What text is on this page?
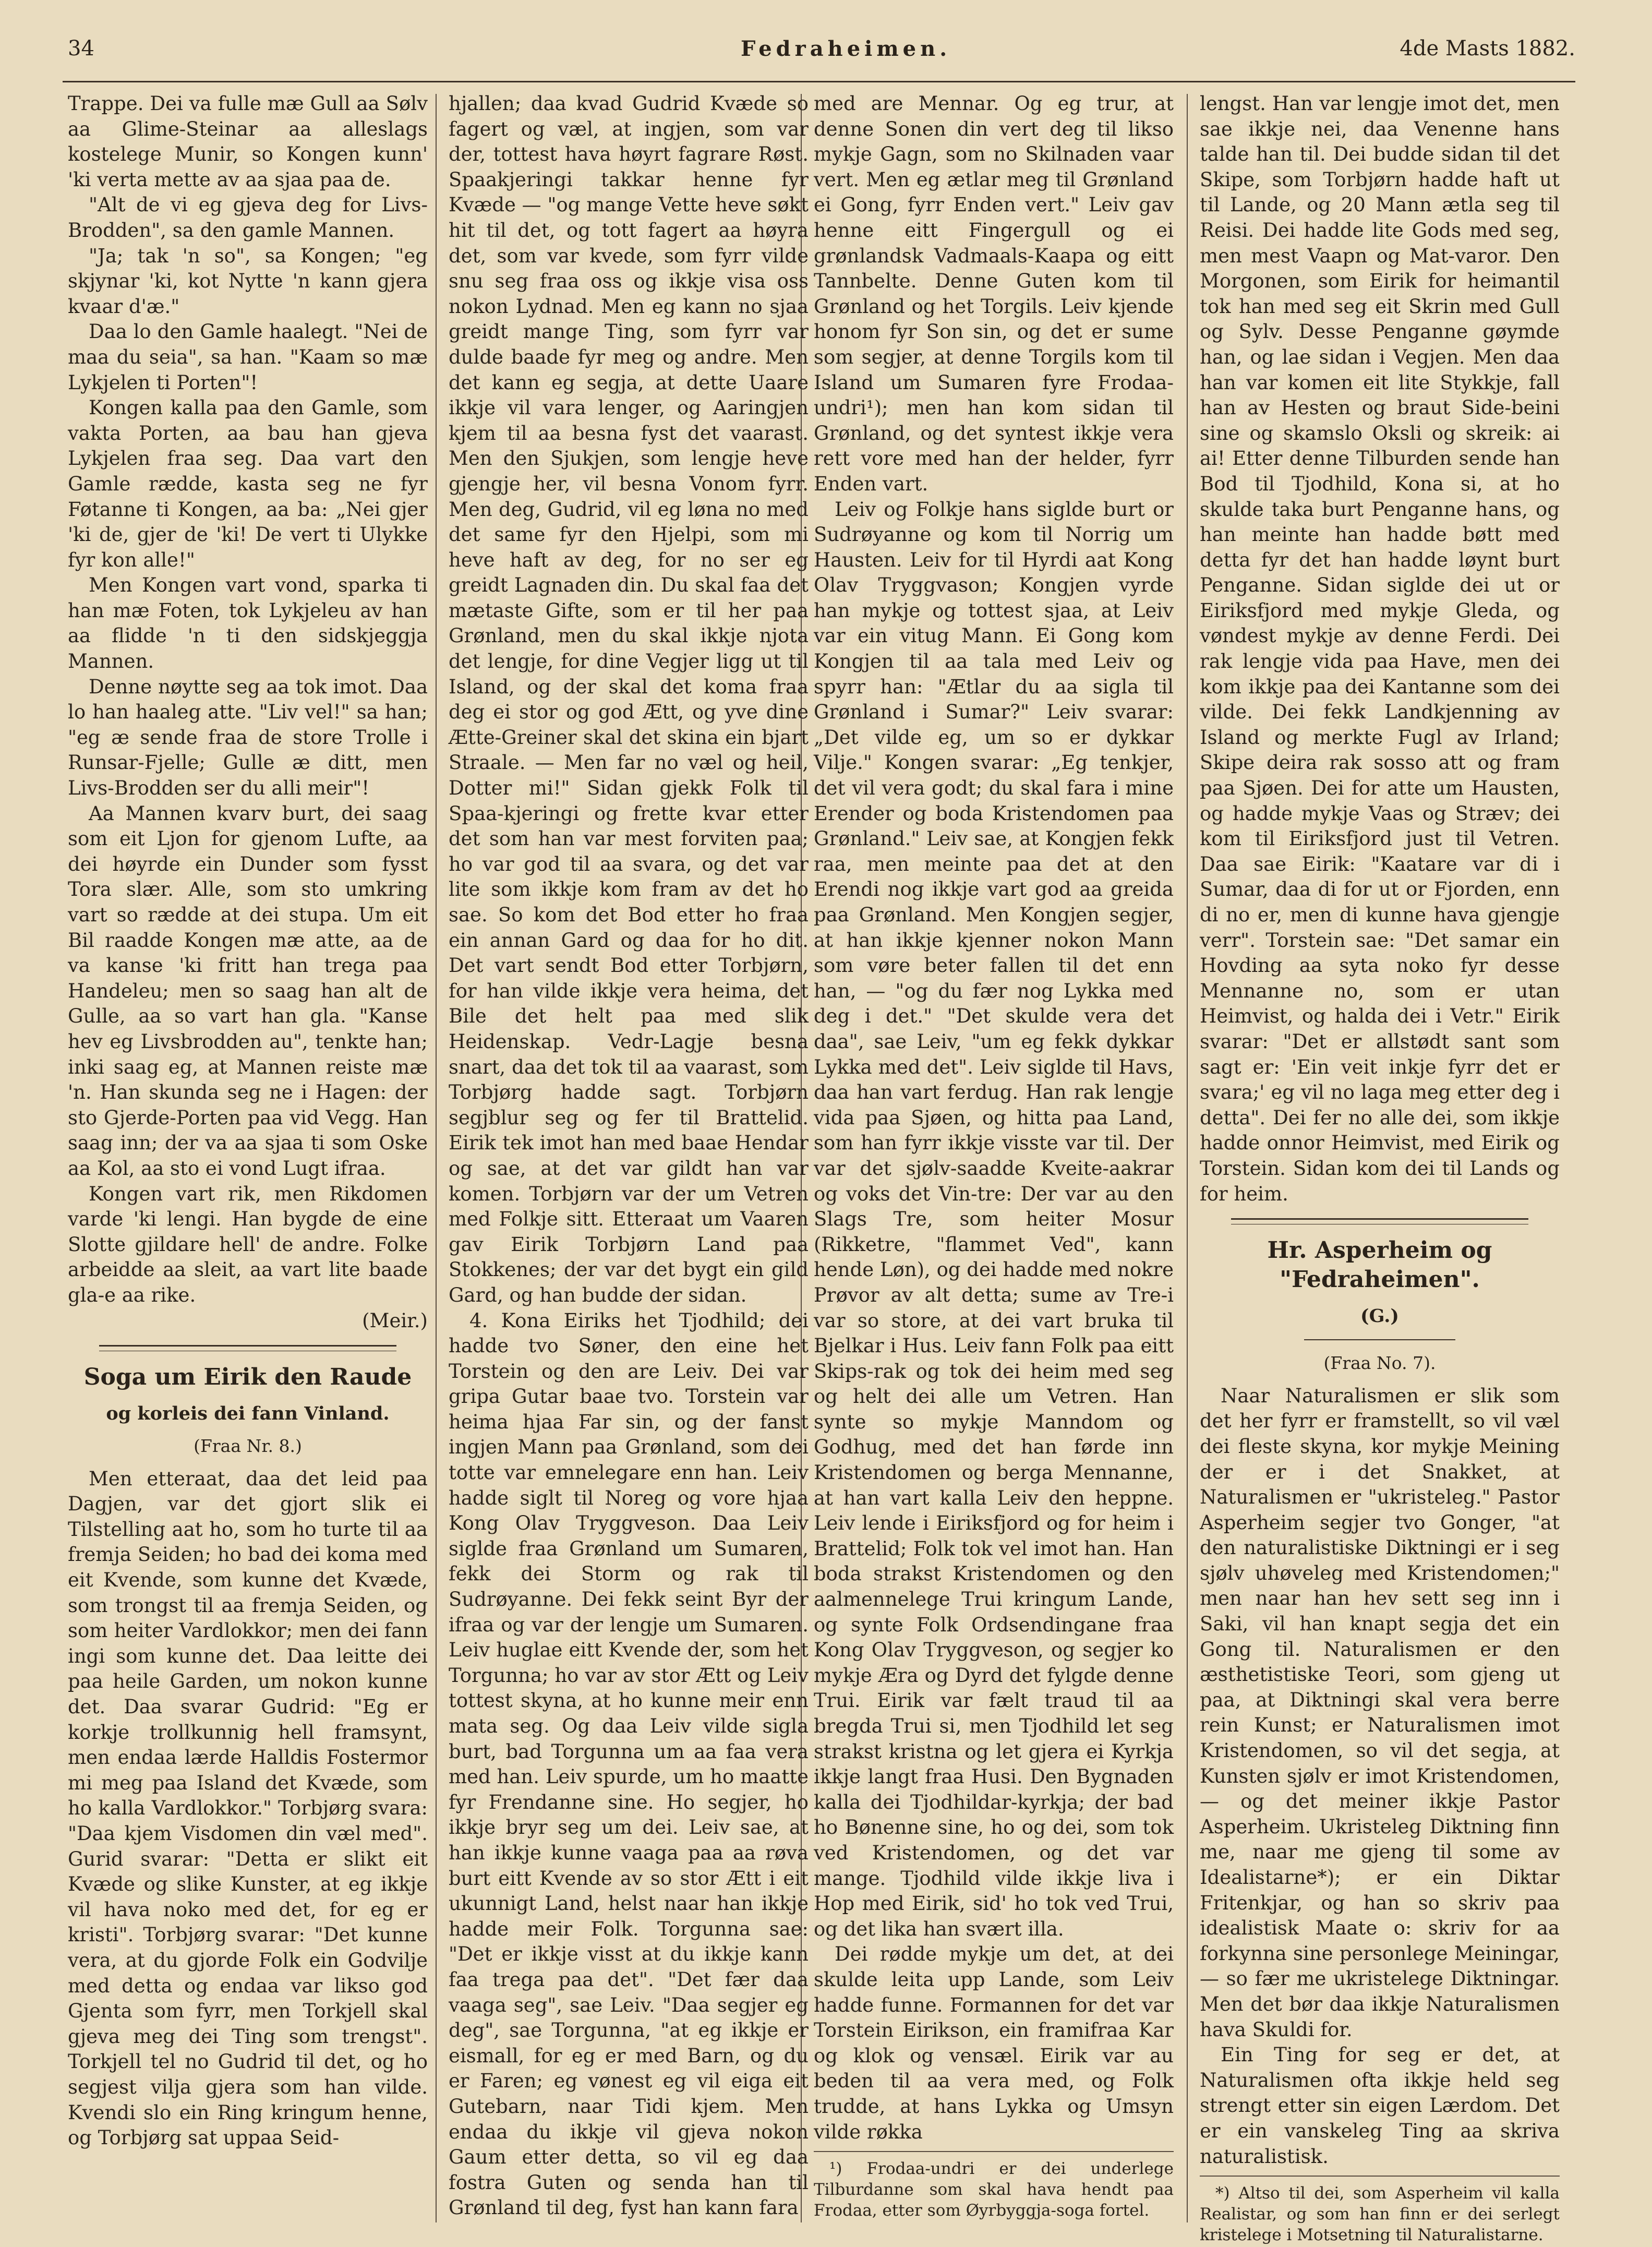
34	Fedraheimen.	4de Masts 1882.

Trappe. Dei va fulle mæ Gull aa Sølv aa Glime-Steinar aa alleslags kostelege Munir, so Kongen kunn' 'ki verta mette av aa sjaa paa de.

"Alt de vi eg gjeva deg for Livs-Brodden", sa den gamle Mannen.

"Ja; tak 'n so", sa Kongen; "eg skjynar 'ki, kot Nytte 'n kann gjera kvaar d'æ."

Daa lo den Gamle haalegt. "Nei de maa du seia", sa han. "Kaam so mæ Lykjelen ti Porten"!

Kongen kalla paa den Gamle, som vakta Porten, aa bau han gjeva Lykjelen fraa seg. Daa vart den Gamle rædde, kasta seg ne fyr Føtanne ti Kongen, aa ba: „Nei gjer 'ki de, gjer de 'ki! De vert ti Ulykke fyr kon alle!"

Men Kongen vart vond, sparka ti han mæ Foten, tok Lykjeleu av han aa flidde 'n ti den sidskjeggja Mannen.

Denne nøytte seg aa tok imot. Daa lo han haaleg atte. "Liv vel!" sa han; "eg æ sende fraa de store Trolle i Runsar-Fjelle; Gulle æ ditt, men Livs-Brodden ser du alli meir"!

Aa Mannen kvarv burt, dei saag som eit Ljon for gjenom Lufte, aa dei høyrde ein Dunder som fysst Tora slær. Alle, som sto umkring vart so rædde at dei stupa. Um eit Bil raadde Kongen mæ atte, aa de va kanse 'ki fritt han trega paa Handeleu; men so saag han alt de Gulle, aa so vart han gla. "Kanse hev eg Livsbrodden au", tenkte han; inki saag eg, at Mannen reiste mæ 'n. Han skunda seg ne i Hagen: der sto Gjerde-Porten paa vid Vegg. Han saag inn; der va aa sjaa ti som Oske aa Kol, aa sto ei vond Lugt ifraa.

Kongen vart rik, men Rikdomen varde 'ki lengi. Han bygde de eine Slotte gjildare hell' de andre. Folke arbeidde aa sleit, aa vart lite baade gla-e aa rike.

(Meir.)

Soga um Eirik den Raude
og korleis dei fann Vinland.
(Fraa Nr. 8.)

Men etteraat, daa det leid paa Dagjen, var det gjort slik ei Tilstelling aat ho, som ho turte til aa fremja Seiden; ho bad dei koma med eit Kvende, som kunne det Kvæde, som trongst til aa fremja Seiden, og som heiter Vardlokkor; men dei fann ingi som kunne det. Daa leitte dei paa heile Garden, um nokon kunne det. Daa svarar Gudrid: "Eg er korkje trollkunnig hell framsynt, men endaa lærde Halldis Fostermor mi meg paa Island det Kvæde, som ho kalla Vardlokkor." Torbjørg svara: "Daa kjem Visdomen din væl med". Gurid svarar: "Detta er slikt eit Kvæde og slike Kunster, at eg ikkje vil hava noko med det, for eg er kristi". Torbjørg svarar: "Det kunne vera, at du gjorde Folk ein Godvilje med detta og endaa var likso god Gjenta som fyrr, men Torkjell skal gjeva meg dei Ting som trengst". Torkjell tel no Gudrid til det, og ho segjest vilja gjera som han vilde. Kvendi slo ein Ring kringum henne, og Torbjørg sat uppaa Seid-

hjallen; daa kvad Gudrid Kvæde so fagert og væl, at ingjen, som var der, tottest hava høyrt fagrare Røst. Spaakjeringi takkar henne fyr Kvæde — "og mange Vette heve søkt hit til det, og tott fagert aa høyra det, som var kvede, som fyrr vilde snu seg fraa oss og ikkje visa oss nokon Lydnad. Men eg kann no sjaa greidt mange Ting, som fyrr var dulde baade fyr meg og andre. Men det kann eg segja, at dette Uaare ikkje vil vara lenger, og Aaringjen kjem til aa besna fyst det vaarast. Men den Sjukjen, som lengje heve gjengje her, vil besna Vonom fyrr. Men deg, Gudrid, vil eg løna no med det same fyr den Hjelpi, som mi heve haft av deg, for no ser eg greidt Lagnaden din. Du skal faa det mætaste Gifte, som er til her paa Grønland, men du skal ikkje njota det lengje, for dine Vegjer ligg ut til Island, og der skal det koma fraa deg ei stor og god Ætt, og yve dine Ætte-Greiner skal det skina ein bjart Straale. — Men far no væl og heil, Dotter mi!" Sidan gjekk Folk til Spaa-kjeringi og frette kvar etter det som han var mest forviten paa; ho var god til aa svara, og det var lite som ikkje kom fram av det ho sae. So kom det Bod etter ho fraa ein annan Gard og daa for ho dit. Det vart sendt Bod etter Torbjørn, for han vilde ikkje vera heima, det Bile det helt paa med slik Heidenskap. Vedr-Lagje besna snart, daa det tok til aa vaarast, som Torbjørg hadde sagt. Torbjørn segjblur seg og fer til Brattelid. Eirik tek imot han med baae Hendar og sae, at det var gildt han var komen. Torbjørn var der um Vetren med Folkje sitt. Etteraat um Vaaren gav Eirik Torbjørn Land paa Stokkenes; der var det bygt ein gild Gard, og han budde der sidan.

4. Kona Eiriks het Tjodhild; dei hadde tvo Søner, den eine het Torstein og den are Leiv. Dei var gripa Gutar baae tvo. Torstein var heima hjaa Far sin, og der fanst ingjen Mann paa Grønland, som dei totte var emnelegare enn han. Leiv hadde siglt til Noreg og vore hjaa Kong Olav Tryggveson. Daa Leiv siglde fraa Grønland um Sumaren, fekk dei Storm og rak til Sudrøyanne. Dei fekk seint Byr der ifraa og var der lengje um Sumaren. Leiv huglae eitt Kvende der, som het Torgunna; ho var av stor Ætt og Leiv tottest skyna, at ho kunne meir enn mata seg. Og daa Leiv vilde sigla burt, bad Torgunna um aa faa vera med han. Leiv spurde, um ho maatte fyr Frendanne sine. Ho segjer, ho ikkje bryr seg um dei. Leiv sae, at han ikkje kunne vaaga paa aa røva burt eitt Kvende av so stor Ætt i eit ukunnigt Land, helst naar han ikkje hadde meir Folk. Torgunna sae: "Det er ikkje visst at du ikkje kann faa trega paa det". "Det fær daa vaaga seg", sae Leiv. "Daa segjer eg deg", sae Torgunna, "at eg ikkje er eismall, for eg er med Barn, og du er Faren; eg vønest eg vil eiga eit Gutebarn, naar Tidi kjem. Men endaa du ikkje vil gjeva nokon Gaum etter detta, so vil eg daa fostra Guten og senda han til Grønland til deg, fyst han kann fara

med are Mennar. Og eg trur, at denne Sonen din vert deg til likso mykje Gagn, som no Skilnaden vaar vert. Men eg ætlar meg til Grønland ei Gong, fyrr Enden vert." Leiv gav henne eitt Fingergull og ei grønlandsk Vadmaals-Kaapa og eitt Tannbelte. Denne Guten kom til Grønland og het Torgils. Leiv kjende honom fyr Son sin, og det er sume som segjer, at denne Torgils kom til Island um Sumaren fyre Frodaa-undri¹); men han kom sidan til Grønland, og det syntest ikkje vera rett vore med han der helder, fyrr Enden vart.

Leiv og Folkje hans siglde burt or Sudrøyanne og kom til Norrig um Hausten. Leiv for til Hyrdi aat Kong Olav Tryggvason; Kongjen vyrde han mykje og tottest sjaa, at Leiv var ein vitug Mann. Ei Gong kom Kongjen til aa tala med Leiv og spyrr han: "Ætlar du aa sigla til Grønland i Sumar?" Leiv svarar: „Det vilde eg, um so er dykkar Vilje." Kongen svarar: „Eg tenkjer, det vil vera godt; du skal fara i mine Erender og boda Kristendomen paa Grønland." Leiv sae, at Kongjen fekk raa, men meinte paa det at den Erendi nog ikkje vart god aa greida paa Grønland. Men Kongjen segjer, at han ikkje kjenner nokon Mann som vøre beter fallen til det enn han, — "og du fær nog Lykka med deg i det." "Det skulde vera det daa", sae Leiv, "um eg fekk dykkar Lykka med det". Leiv siglde til Havs, daa han vart ferdug. Han rak lengje vida paa Sjøen, og hitta paa Land, som han fyrr ikkje visste var til. Der var det sjølv-saadde Kveite-aakrar og voks det Vin-tre: Der var au den Slags Tre, som heiter Mosur (Rikketre, "flammet Ved", kann hende Løn), og dei hadde med nokre Prøvor av alt detta; sume av Tre-i var so store, at dei vart bruka til Bjelkar i Hus. Leiv fann Folk paa eitt Skips-rak og tok dei heim med seg og helt dei alle um Vetren. Han synte so mykje Manndom og Godhug, med det han førde inn Kristendomen og berga Mennanne, at han vart kalla Leiv den heppne. Leiv lende i Eiriksfjord og for heim i Brattelid; Folk tok vel imot han. Han boda strakst Kristendomen og den aalmennelege Trui kringum Lande, og synte Folk Ordsendingane fraa Kong Olav Tryggveson, og segjer ko mykje Æra og Dyrd det fylgde denne Trui. Eirik var fælt traud til aa bregda Trui si, men Tjodhild let seg strakst kristna og let gjera ei Kyrkja ikkje langt fraa Husi. Den Bygnaden kalla dei Tjodhildar-kyrkja; der bad ho Bønenne sine, ho og dei, som tok ved Kristendomen, og det var mange. Tjodhild vilde ikkje liva i Hop med Eirik, sid' ho tok ved Trui, og det lika han svært illa.

Dei rødde mykje um det, at dei skulde leita upp Lande, som Leiv hadde funne. Formannen for det var Torstein Eirikson, ein framifraa Kar og klok og vensæl. Eirik var au beden til aa vera med, og Folk trudde, at hans Lykka og Umsyn vilde røkka

¹) Frodaa-undri er dei underlege Tilburdanne som skal hava hendt paa Frodaa, etter som Øyrbyggja-soga fortel.

lengst. Han var lengje imot det, men sae ikkje nei, daa Venenne hans talde han til. Dei budde sidan til det Skipe, som Torbjørn hadde haft ut til Lande, og 20 Mann ætla seg til Reisi. Dei hadde lite Gods med seg, men mest Vaapn og Mat-varor. Den Morgonen, som Eirik for heimantil tok han med seg eit Skrin med Gull og Sylv. Desse Penganne gøymde han, og lae sidan i Vegjen. Men daa han var komen eit lite Stykkje, fall han av Hesten og braut Side-beini sine og skamslo Oksli og skreik: ai ai! Etter denne Tilburden sende han Bod til Tjodhild, Kona si, at ho skulde taka burt Penganne hans, og han meinte han hadde bøtt med detta fyr det han hadde løynt burt Penganne. Sidan siglde dei ut or Eiriksfjord med mykje Gleda, og vøndest mykje av denne Ferdi. Dei rak lengje vida paa Have, men dei kom ikkje paa dei Kantanne som dei vilde. Dei fekk Landkjenning av Island og merkte Fugl av Irland; Skipe deira rak sosso att og fram paa Sjøen. Dei for atte um Hausten, og hadde mykje Vaas og Stræv; dei kom til Eiriksfjord just til Vetren. Daa sae Eirik: "Kaatare var di i Sumar, daa di for ut or Fjorden, enn di no er, men di kunne hava gjengje verr". Torstein sae: "Det samar ein Hovding aa syta noko fyr desse Mennanne no, som er utan Heimvist, og halda dei i Vetr." Eirik svarar: "Det er allstødt sant som sagt er: 'Ein veit inkje fyrr det er svara;' eg vil no laga meg etter deg i detta". Dei fer no alle dei, som ikkje hadde onnor Heimvist, med Eirik og Torstein. Sidan kom dei til Lands og for heim.

Hr. Asperheim og "Fedraheimen".
(G.)
(Fraa No. 7).

Naar Naturalismen er slik som det her fyrr er framstellt, so vil væl dei fleste skyna, kor mykje Meining der er i det Snakket, at Naturalismen er "ukristeleg." Pastor Asperheim segjer tvo Gonger, "at den naturalistiske Diktningi er i seg sjølv uhøveleg med Kristendomen;" men naar han hev sett seg inn i Saki, vil han knapt segja det ein Gong til. Naturalismen er den æsthetistiske Teori, som gjeng ut paa, at Diktningi skal vera berre rein Kunst; er Naturalismen imot Kristendomen, so vil det segja, at Kunsten sjølv er imot Kristendomen, — og det meiner ikkje Pastor Asperheim. Ukristeleg Diktning finn me, naar me gjeng til some av Idealistarne*); er ein Diktar Fritenkjar, og han so skriv paa idealistisk Maate o: skriv for aa forkynna sine personlege Meiningar, — so fær me ukristelege Diktningar. Men det bør daa ikkje Naturalismen hava Skuldi for.

Ein Ting for seg er det, at Naturalismen ofta ikkje held seg strengt etter sin eigen Lærdom. Det er ein vanskeleg Ting aa skriva naturalistisk.

*) Altso til dei, som Asperheim vil kalla Realistar, og som han finn er dei serlegt kristelege i Motsetning til Naturalistarne.
